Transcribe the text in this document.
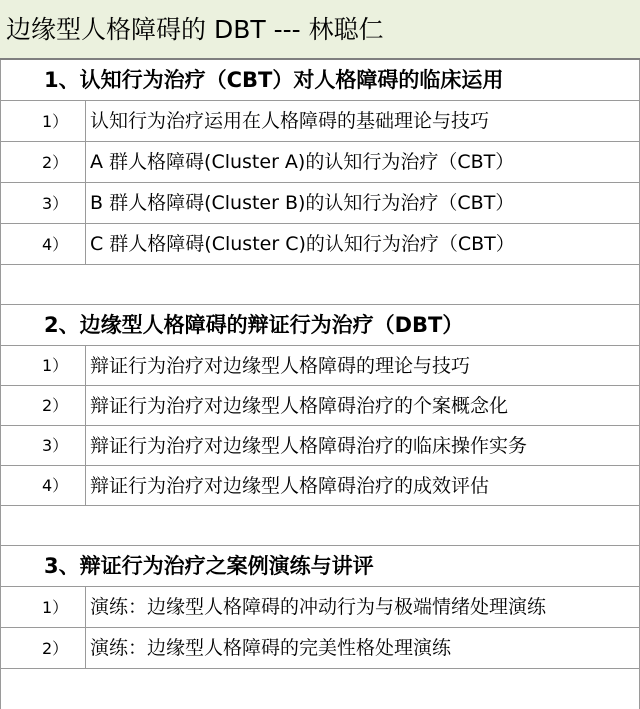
边缘型人格障碍的 DBT --- 林聪仁
1、认知行为治疗（CBT）对人格障碍的临床运用
1） 认知行为治疗运用在人格障碍的基础理论与技巧
2） A 群人格障碍(Cluster A)的认知行为治疗（CBT）
3） B 群人格障碍(Cluster B)的认知行为治疗（CBT）
4） C 群人格障碍(Cluster C)的认知行为治疗（CBT）
2、边缘型人格障碍的辩证行为治疗（DBT）
1） 辩证行为治疗对边缘型人格障碍的理论与技巧
2） 辩证行为治疗对边缘型人格障碍治疗的个案概念化
3） 辩证行为治疗对边缘型人格障碍治疗的临床操作实务
4） 辩证行为治疗对边缘型人格障碍治疗的成效评估
3、辩证行为治疗之案例演练与讲评
1） 演练：边缘型人格障碍的冲动行为与极端情绪处理演练
2） 演练：边缘型人格障碍的完美性格处理演练
